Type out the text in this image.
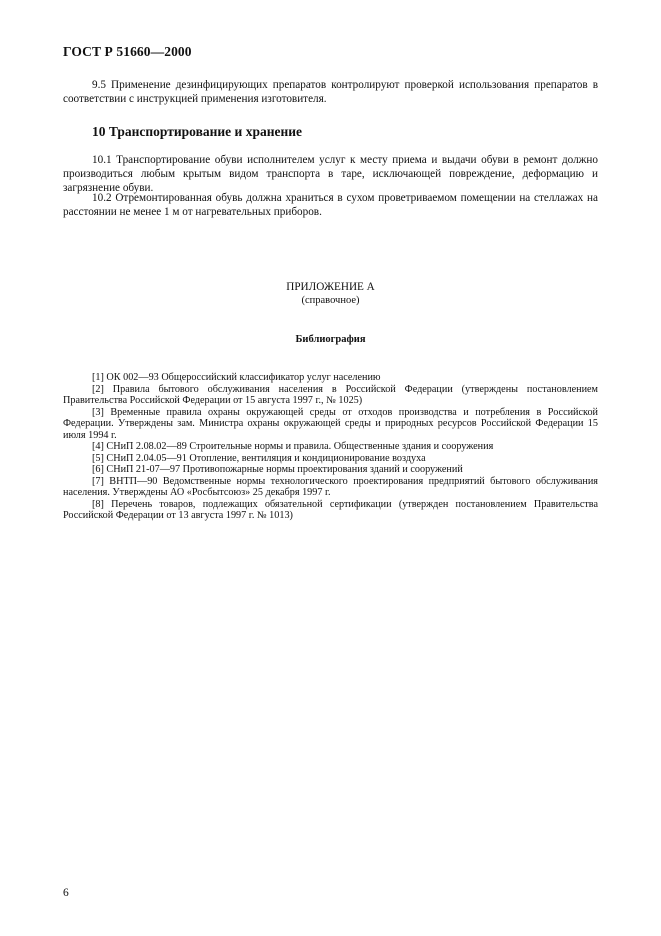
ГОСТ Р 51660—2000

9.5 Применение дезинфицирующих препаратов контролируют проверкой использования препаратов в соответствии с инструкцией применения изготовителя.

10 Транспортирование и хранение

10.1 Транспортирование обуви исполнителем услуг к месту приема и выдачи обуви в ремонт должно производиться любым крытым видом транспорта в таре, исключающей повреждение, деформацию и загрязнение обуви.

10.2 Отремонтированная обувь должна храниться в сухом проветриваемом помещении на стеллажах на расстоянии не менее 1 м от нагревательных приборов.

ПРИЛОЖЕНИЕ А
(справочное)
Библиография
[1] ОК 002—93 Общероссийский классификатор услуг населению
[2] Правила бытового обслуживания населения в Российской Федерации (утверждены постановлением Правительства Российской Федерации от 15 августа 1997 г., № 1025)
[3] Временные правила охраны окружающей среды от отходов производства и потребления в Российской Федерации. Утверждены зам. Министра охраны окружающей среды и природных ресурсов Российской Федерации 15 июля 1994 г.
[4] СНиП 2.08.02—89 Строительные нормы и правила. Общественные здания и сооружения
[5] СНиП 2.04.05—91 Отопление, вентиляция и кондиционирование воздуха
[6] СНиП 21-07—97 Противопожарные нормы проектирования зданий и сооружений
[7] ВНТП—90 Ведомственные нормы технологического проектирования предприятий бытового обслуживания населения. Утверждены АО «Росбытсоюз» 25 декабря 1997 г.
[8] Перечень товаров, подлежащих обязательной сертификации (утвержден постановлением Правительства Российской Федерации от 13 августа 1997 г. № 1013)
6
